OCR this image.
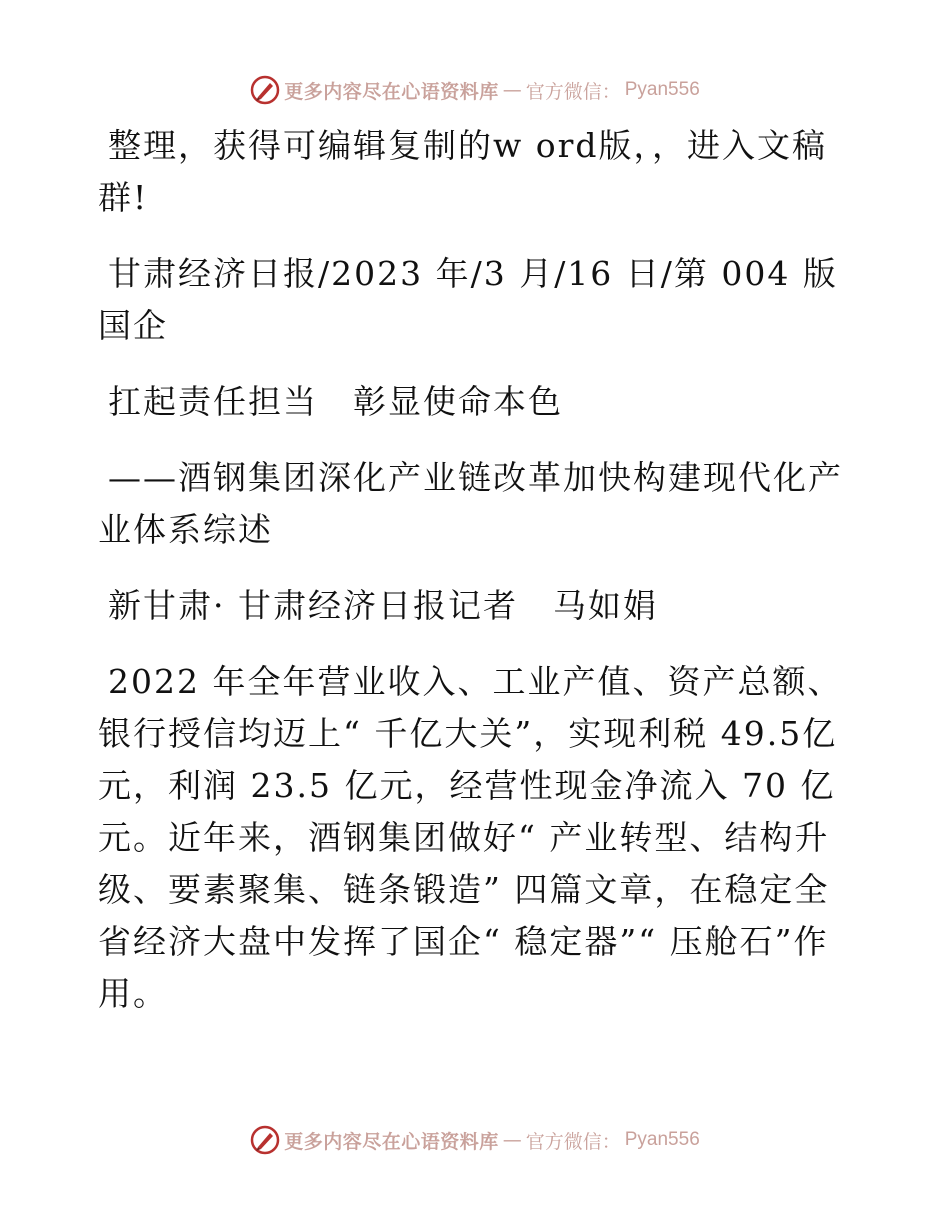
更多内容尽在心语资料库 — 官方微信： Pyan556

整理，获得可编辑复制的w ord版，，进入文稿群!

甘肃经济日报/2023 年/3 月/16 日/第 004 版国企

扛起责任担当　彰显使命本色

——酒钢集团深化产业链改革加快构建现代化产业体系综述

新甘肃· 甘肃经济日报记者　马如娟

2022 年全年营业收入、工业产值、资产总额、银行授信均迈上“ 千亿大关”，实现利税 49.5亿元，利润 23.5 亿元，经营性现金净流入 70 亿元。近年来，酒钢集团做好“ 产业转型、结构升级、要素聚集、链条锻造” 四篇文章，在稳定全省经济大盘中发挥了国企“ 稳定器”“ 压舱石”作用。

更多内容尽在心语资料库 — 官方微信： Pyan556
